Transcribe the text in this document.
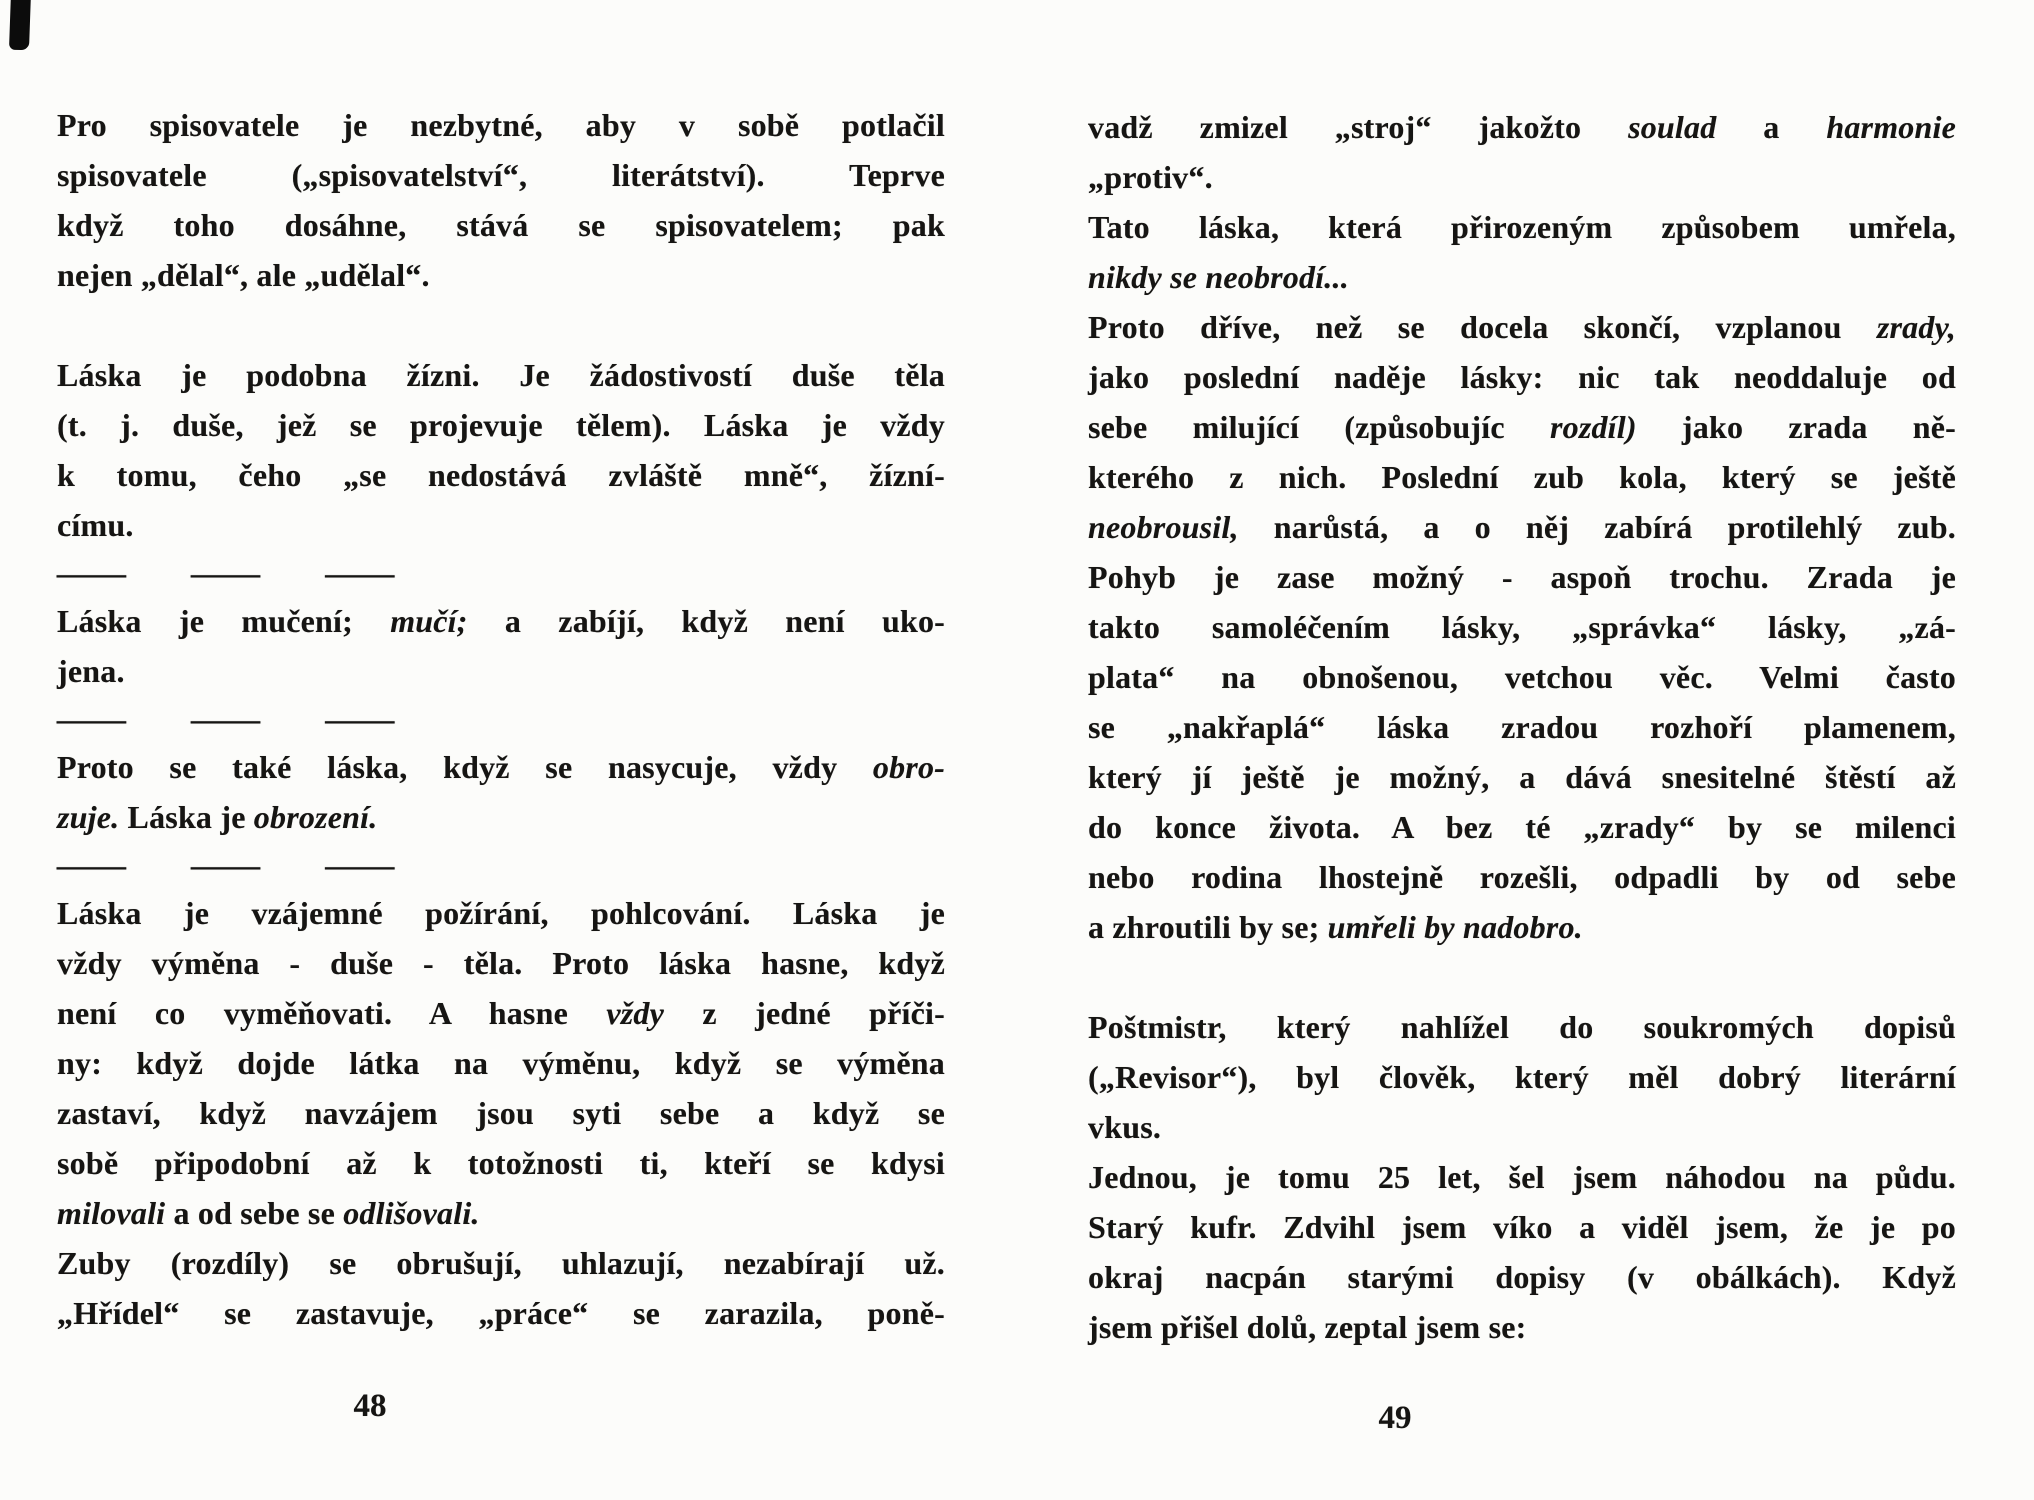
Pro spisovatele je nezbytné, aby v sobě potlačil
spisovatele („spisovatelství“, literátství). Teprve
když toho dosáhne, stává se spisovatelem; pak
nejen „dělal“, ale „udělal“.
Láska je podobna žízni. Je žádostivostí duše těla
(t. j. duše, jež se projevuje tělem). Láska je vždy
k tomu, čeho „se nedostává zvláště mně“, žízní-
címu.
— — —
Láska je mučení; mučí; a zabíjí, když není uko-
jena.
— — —
Proto se také láska, když se nasycuje, vždy obro-
zuje. Láska je obrození.
— — —
Láska je vzájemné požírání, pohlcování. Láska je
vždy výměna - duše - těla. Proto láska hasne, když
není co vyměňovati. A hasne vždy z jedné příči-
ny: když dojde látka na výměnu, když se výměna
zastaví, když navzájem jsou syti sebe a když se
sobě připodobní až k totožnosti ti, kteří se kdysi
milovali a od sebe se odlišovali.
Zuby (rozdíly) se obrušují, uhlazují, nezabírají už.
„Hřídel“ se zastavuje, „práce“ se zarazila, poně-
vadž zmizel „stroj“ jakožto soulad a harmonie
„protiv“.
Tato láska, která přirozeným způsobem umřela,
nikdy se neobrodí...
Proto dříve, než se docela skončí, vzplanou zrady,
jako poslední naděje lásky: nic tak neoddaluje od
sebe milující (způsobujíc rozdíl) jako zrada ně-
kterého z nich. Poslední zub kola, který se ještě
neobrousil, narůstá, a o něj zabírá protilehlý zub.
Pohyb je zase možný - aspoň trochu. Zrada je
takto samoléčením lásky, „správka“ lásky, „zá-
plata“ na obnošenou, vetchou věc. Velmi často
se „nakřaplá“ láska zradou rozhoří plamenem,
který jí ještě je možný, a dává snesitelné štěstí až
do konce života. A bez té „zrady“ by se milenci
nebo rodina lhostejně rozešli, odpadli by od sebe
a zhroutili by se; umřeli by nadobro.
Poštmistr, který nahlížel do soukromých dopisů
(„Revisor“), byl člověk, který měl dobrý literární
vkus.
Jednou, je tomu 25 let, šel jsem náhodou na půdu.
Starý kufr. Zdvihl jsem víko a viděl jsem, že je po
okraj nacpán starými dopisy (v obálkách). Když
jsem přišel dolů, zeptal jsem se:
48	49
